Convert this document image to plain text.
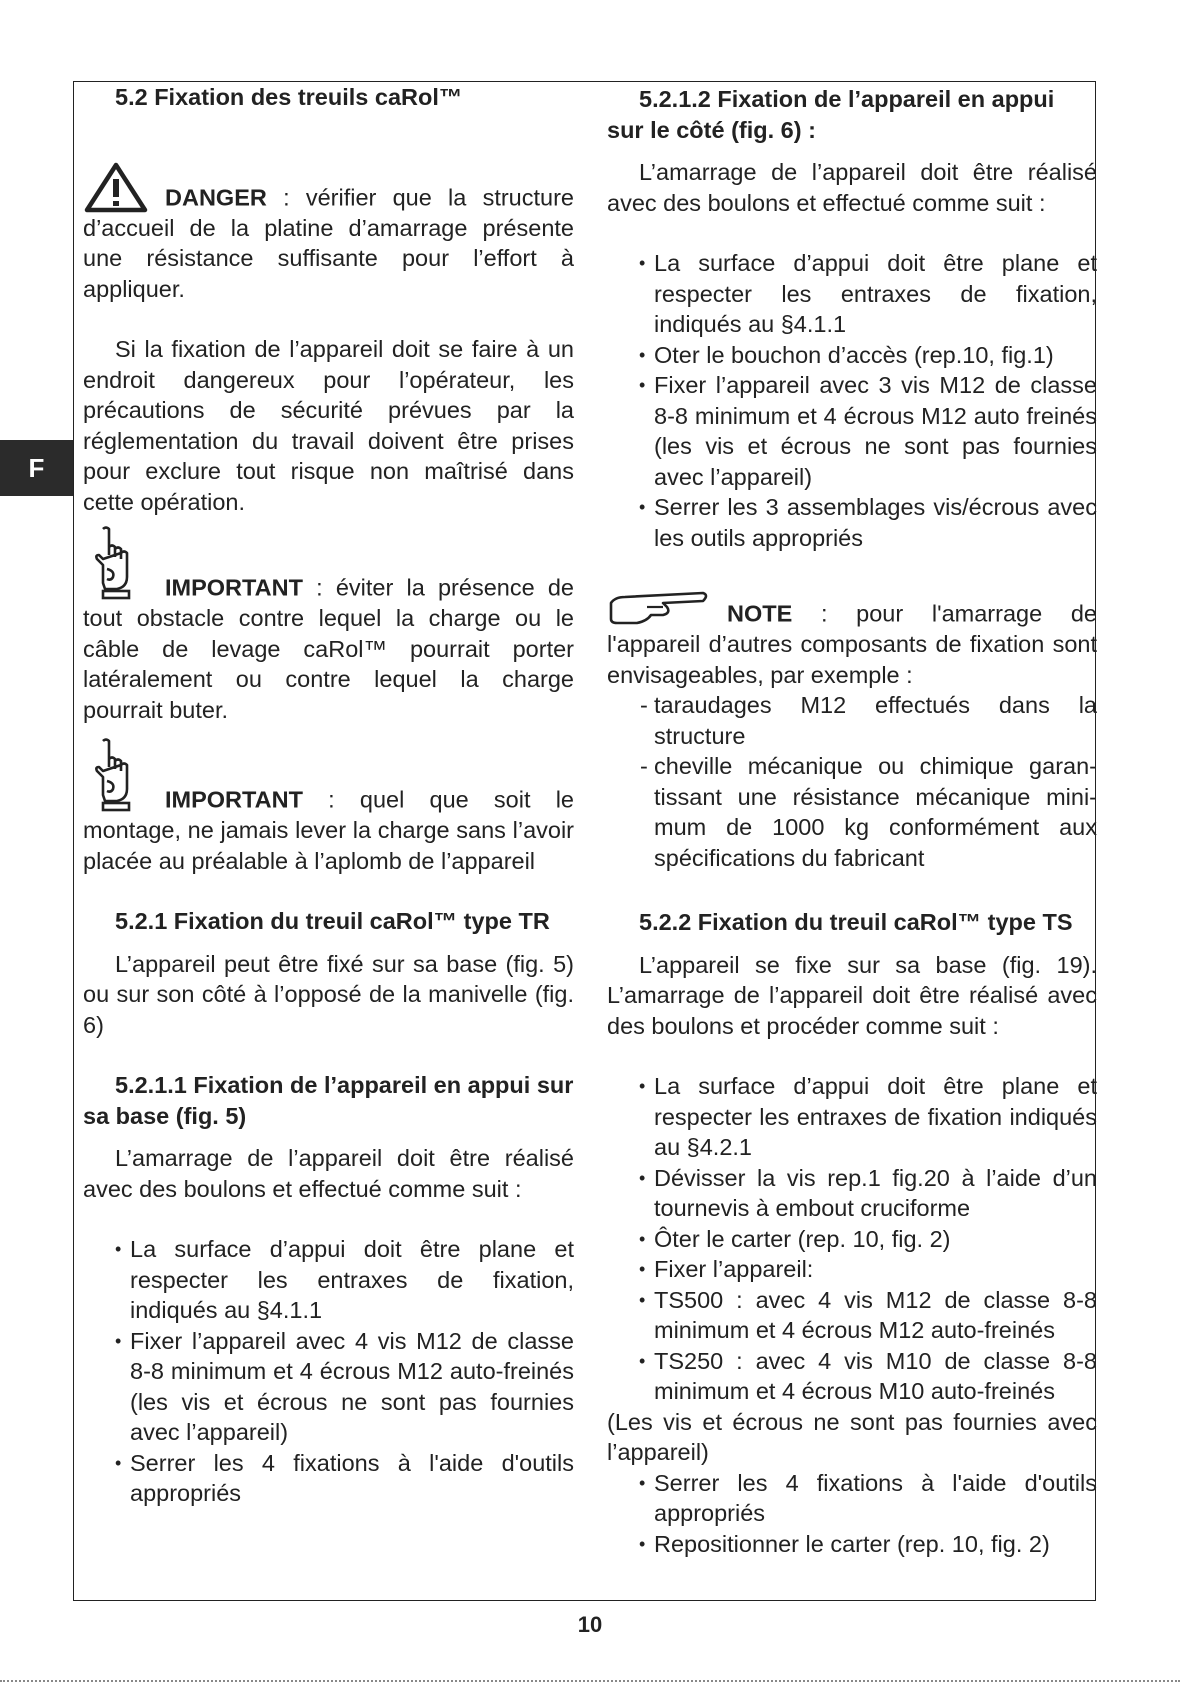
F
5.2 Fixation des treuils caRol™

DANGER : vérifier que la structure d’accueil de la platine d’amarrage présente une résistance suffisante pour l’effort à appliquer.

Si la fixation de l’appareil doit se faire à un endroit dangereux pour l’opérateur, les précautions de sécurité prévues par la réglementation du travail doivent être prises pour exclure tout risque non maîtrisé dans cette opération.

IMPORTANT : éviter la présence de tout obstacle contre lequel la charge ou le câble de levage caRol™ pourrait porter latéralement ou contre lequel la charge pourrait buter.

IMPORTANT : quel que soit le montage, ne jamais lever la charge sans l’avoir placée au préalable à l’aplomb de l’appareil

5.2.1 Fixation du treuil caRol™ type TR

L’appareil peut être fixé sur sa base (fig. 5) ou sur son côté à l’opposé de la manivelle (fig. 6)

5.2.1.1 Fixation de l’appareil en appui sur sa base (fig. 5)

L’amarrage de l’appareil doit être réalisé avec des boulons et effectué comme suit :

• La surface d’appui doit être plane et respecter les entraxes de fixation, indiqués au §4.1.1
• Fixer l’appareil avec 4 vis M12 de classe 8-8 minimum et 4 écrous M12 auto-freinés (les vis et écrous ne sont pas fournies avec l’appareil)
• Serrer les 4 fixations à l'aide d'outils appropriés
5.2.1.2 Fixation de l’appareil en appui sur le côté (fig. 6) :

L’amarrage de l’appareil doit être réalisé avec des boulons et effectué comme suit :

• La surface d’appui doit être plane et respecter les entraxes de fixation, indiqués au §4.1.1
• Oter le bouchon d’accès (rep.10, fig.1)
• Fixer l’appareil avec 3 vis M12 de classe 8-8 minimum et 4 écrous M12 auto freinés (les vis et écrous ne sont pas fournies avec l’appareil)
• Serrer les 3 assemblages vis/écrous avec les outils appropriés

NOTE : pour l'amarrage de l'appareil d’autres composants de fixation sont envisageables, par exemple :

- taraudages M12 effectués dans la structure
- cheville mécanique ou chimique garan-tissant une résistance mécanique mini-mum de 1000 kg conformément aux spécifications du fabricant
5.2.2 Fixation du treuil caRol™ type TS

L’appareil se fixe sur sa base (fig. 19). L’amarrage de l’appareil doit être réalisé avec des boulons et procéder comme suit :

• La surface d’appui doit être plane et respecter les entraxes de fixation indiqués au §4.2.1
• Dévisser la vis rep.1 fig.20 à l’aide d’un tournevis à embout cruciforme
• Ôter le carter (rep. 10, fig. 2)
• Fixer l’appareil:
• TS500 : avec 4 vis M12 de classe 8-8 minimum et 4 écrous M12 auto-freinés
• TS250 : avec 4 vis M10 de classe 8-8 minimum et 4 écrous M10 auto-freinés

(Les vis et écrous ne sont pas fournies avec l’appareil)

• Serrer les 4 fixations à l'aide d'outils appropriés
• Repositionner le carter (rep. 10, fig. 2)
10
